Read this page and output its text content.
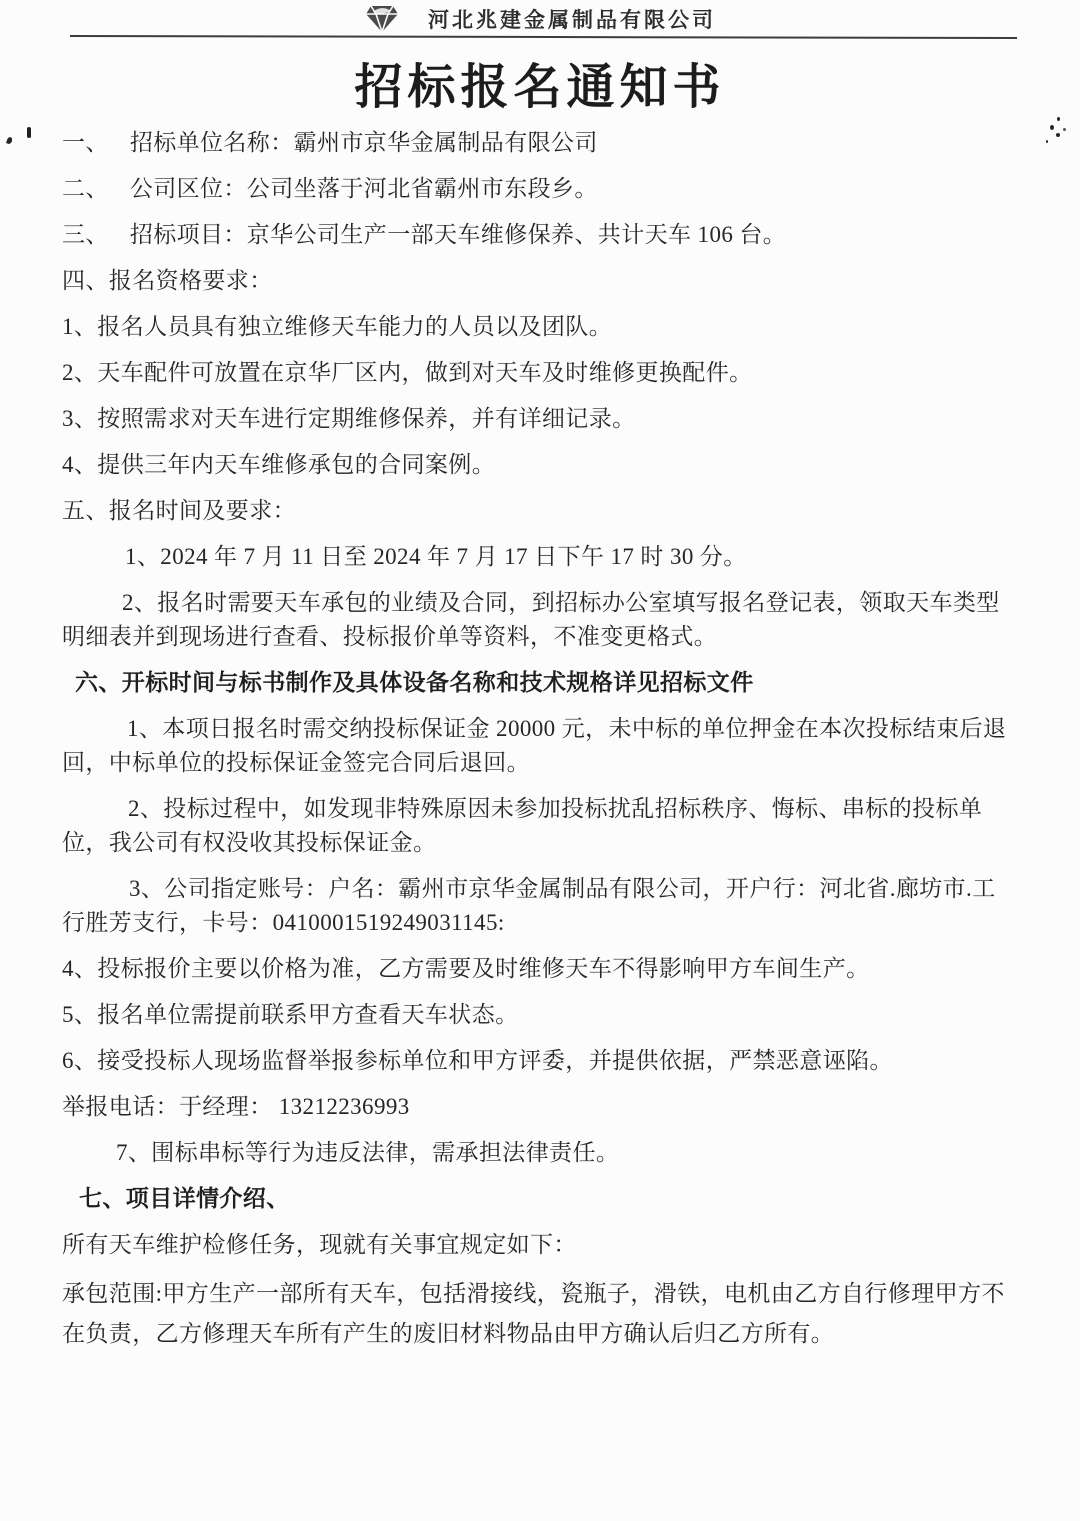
河北兆建金属制品有限公司
招标报名通知书

一、 招标单位名称：霸州市京华金属制品有限公司

二、 公司区位：公司坐落于河北省霸州市东段乡。

三、 招标项目：京华公司生产一部天车维修保养、共计天车 106 台。

四、报名资格要求：

1、报名人员具有独立维修天车能力的人员以及团队。

2、天车配件可放置在京华厂区内，做到对天车及时维修更换配件。

3、按照需求对天车进行定期维修保养，并有详细记录。

4、提供三年内天车维修承包的合同案例。

五、报名时间及要求：

1、2024 年 7 月 11 日至 2024 年 7 月 17 日下午 17 时 30 分。

2、报名时需要天车承包的业绩及合同，到招标办公室填写报名登记表，领取天车类型明细表并到现场进行查看、投标报价单等资料，不准变更格式。

六、开标时间与标书制作及具体设备名称和技术规格详见招标文件

1、本项日报名时需交纳投标保证金 20000 元，未中标的单位押金在本次投标结束后退回，中标单位的投标保证金签完合同后退回。

2、投标过程中，如发现非特殊原因未参加投标扰乱招标秩序、悔标、串标的投标单位，我公司有权没收其投标保证金。

3、公司指定账号：户名：霸州市京华金属制品有限公司，开户行：河北省.廊坊市.工行胜芳支行，卡号：0410001519249031145:

4、投标报价主要以价格为准，乙方需要及时维修天车不得影响甲方车间生产。

5、报名单位需提前联系甲方查看天车状态。

6、接受投标人现场监督举报参标单位和甲方评委，并提供依据，严禁恶意诬陷。

举报电话：于经理： 13212236993

7、围标串标等行为违反法律，需承担法律责任。

七、项目详情介绍、

所有天车维护检修任务，现就有关事宜规定如下：

承包范围:甲方生产一部所有天车，包括滑接线，瓷瓶子，滑铁，电机由乙方自行修理甲方不在负责，乙方修理天车所有产生的废旧材料物品由甲方确认后归乙方所有。
